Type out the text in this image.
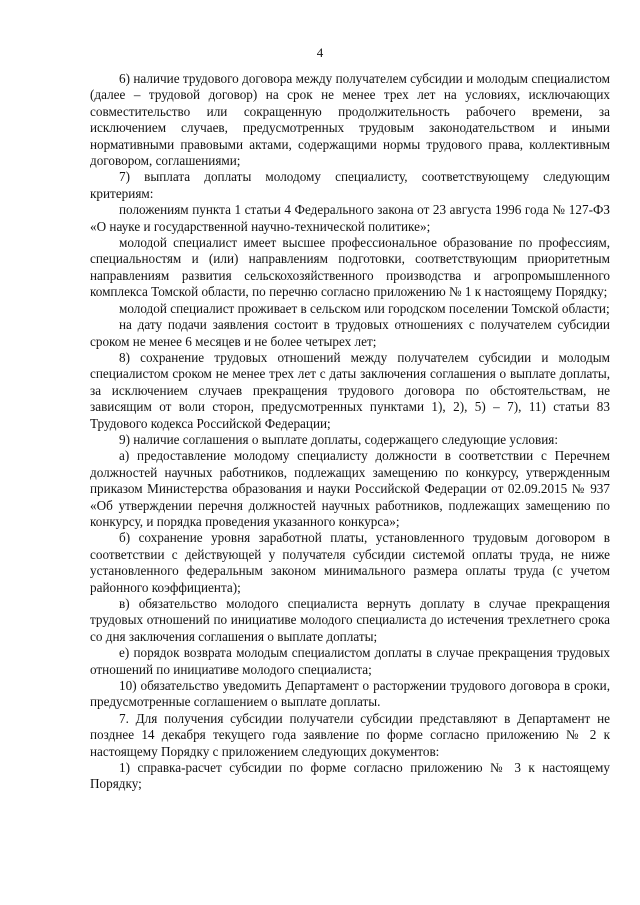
4

6) наличие трудового договора между получателем субсидии и молодым специалистом (далее – трудовой договор) на срок не менее трех лет на условиях, исключающих совместительство или сокращенную продолжительность рабочего времени, за исключением случаев, предусмотренных трудовым законодательством и иными нормативными правовыми актами, содержащими нормы трудового права, коллективным договором, соглашениями;

7) выплата доплаты молодому специалисту, соответствующему следующим критериям:

положениям пункта 1 статьи 4 Федерального закона от 23 августа 1996 года № 127-ФЗ «О науке и государственной научно-технической политике»;

молодой специалист имеет высшее профессиональное образование по профессиям, специальностям и (или) направлениям подготовки, соответствующим приоритетным направлениям развития сельскохозяйственного производства и агропромышленного комплекса Томской области, по перечню согласно приложению № 1 к настоящему Порядку;

молодой специалист проживает в сельском или городском поселении Томской области;

на дату подачи заявления состоит в трудовых отношениях с получателем субсидии сроком не менее 6 месяцев и не более четырех лет;

8) сохранение трудовых отношений между получателем субсидии и молодым специалистом сроком не менее трех лет с даты заключения соглашения о выплате доплаты, за исключением случаев прекращения трудового договора по обстоятельствам, не зависящим от воли сторон, предусмотренных пунктами 1), 2), 5) – 7), 11) статьи 83 Трудового кодекса Российской Федерации;

9) наличие соглашения о выплате доплаты, содержащего следующие условия:

а) предоставление молодому специалисту должности в соответствии с Перечнем должностей научных работников, подлежащих замещению по конкурсу, утвержденным приказом Министерства образования и науки Российской Федерации от 02.09.2015 № 937 «Об утверждении перечня должностей научных работников, подлежащих замещению по конкурсу, и порядка проведения указанного конкурса»;

б) сохранение уровня заработной платы, установленного трудовым договором в соответствии с действующей у получателя субсидии системой оплаты труда, не ниже установленного федеральным законом минимального размера оплаты труда (с учетом районного коэффициента);

в) обязательство молодого специалиста вернуть доплату в случае прекращения трудовых отношений по инициативе молодого специалиста до истечения трехлетнего срока со дня заключения соглашения о выплате доплаты;

е) порядок возврата молодым специалистом доплаты в случае прекращения трудовых отношений по инициативе молодого специалиста;

10) обязательство уведомить Департамент о расторжении трудового договора в сроки, предусмотренные соглашением о выплате доплаты.

7. Для получения субсидии получатели субсидии представляют в Департамент не позднее 14 декабря текущего года заявление по форме согласно приложению № 2 к настоящему Порядку с приложением следующих документов:

1) справка-расчет субсидии по форме согласно приложению № 3 к настоящему Порядку;
